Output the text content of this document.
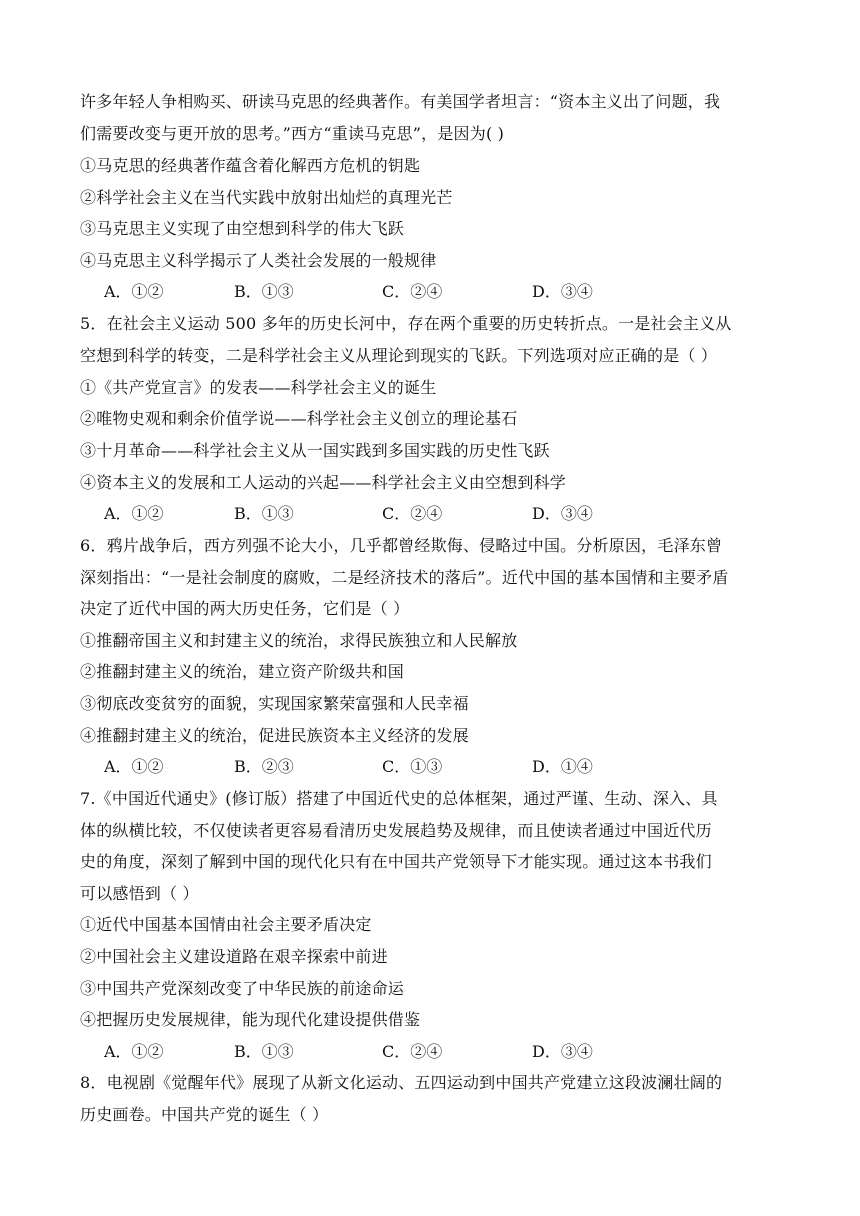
许多年轻人争相购买、研读马克思的经典著作。有美国学者坦言：“资本主义出了问题，我
们需要改变与更开放的思考。”西方“重读马克思”，是因为( )
①马克思的经典著作蕴含着化解西方危机的钥匙
②科学社会主义在当代实践中放射出灿烂的真理光芒
③马克思主义实现了由空想到科学的伟大飞跃
④马克思主义科学揭示了人类社会发展的一般规律
A．①②	B．①③	C．②④	D．③④
5．在社会主义运动 500 多年的历史长河中，存在两个重要的历史转折点。一是社会主义从
空想到科学的转变，二是科学社会主义从理论到现实的飞跃。下列选项对应正确的是（ ）
①《共产党宣言》的发表——科学社会主义的诞生
②唯物史观和剩余价值学说——科学社会主义创立的理论基石
③十月革命——科学社会主义从一国实践到多国实践的历史性飞跃
④资本主义的发展和工人运动的兴起——科学社会主义由空想到科学
A．①②	B．①③	C．②④	D．③④
6．鸦片战争后，西方列强不论大小，几乎都曾经欺侮、侵略过中国。分析原因，毛泽东曾
深刻指出：“一是社会制度的腐败，二是经济技术的落后”。近代中国的基本国情和主要矛盾
决定了近代中国的两大历史任务，它们是（ ）
①推翻帝国主义和封建主义的统治，求得民族独立和人民解放
②推翻封建主义的统治，建立资产阶级共和国
③彻底改变贫穷的面貌，实现国家繁荣富强和人民幸福
④推翻封建主义的统治，促进民族资本主义经济的发展
A．①②	B．②③	C．①③	D．①④
7.《中国近代通史》(修订版）搭建了中国近代史的总体框架，通过严谨、生动、深入、具
体的纵横比较，不仅使读者更容易看清历史发展趋势及规律，而且使读者通过中国近代历
史的角度，深刻了解到中国的现代化只有在中国共产党领导下才能实现。通过这本书我们
可以感悟到（ ）
①近代中国基本国情由社会主要矛盾决定
②中国社会主义建设道路在艰辛探索中前进
③中国共产党深刻改变了中华民族的前途命运
④把握历史发展规律，能为现代化建设提供借鉴
A．①②	B．①③	C．②④	D．③④
8．电视剧《觉醒年代》展现了从新文化运动、五四运动到中国共产党建立这段波澜壮阔的
历史画卷。中国共产党的诞生（ ）
